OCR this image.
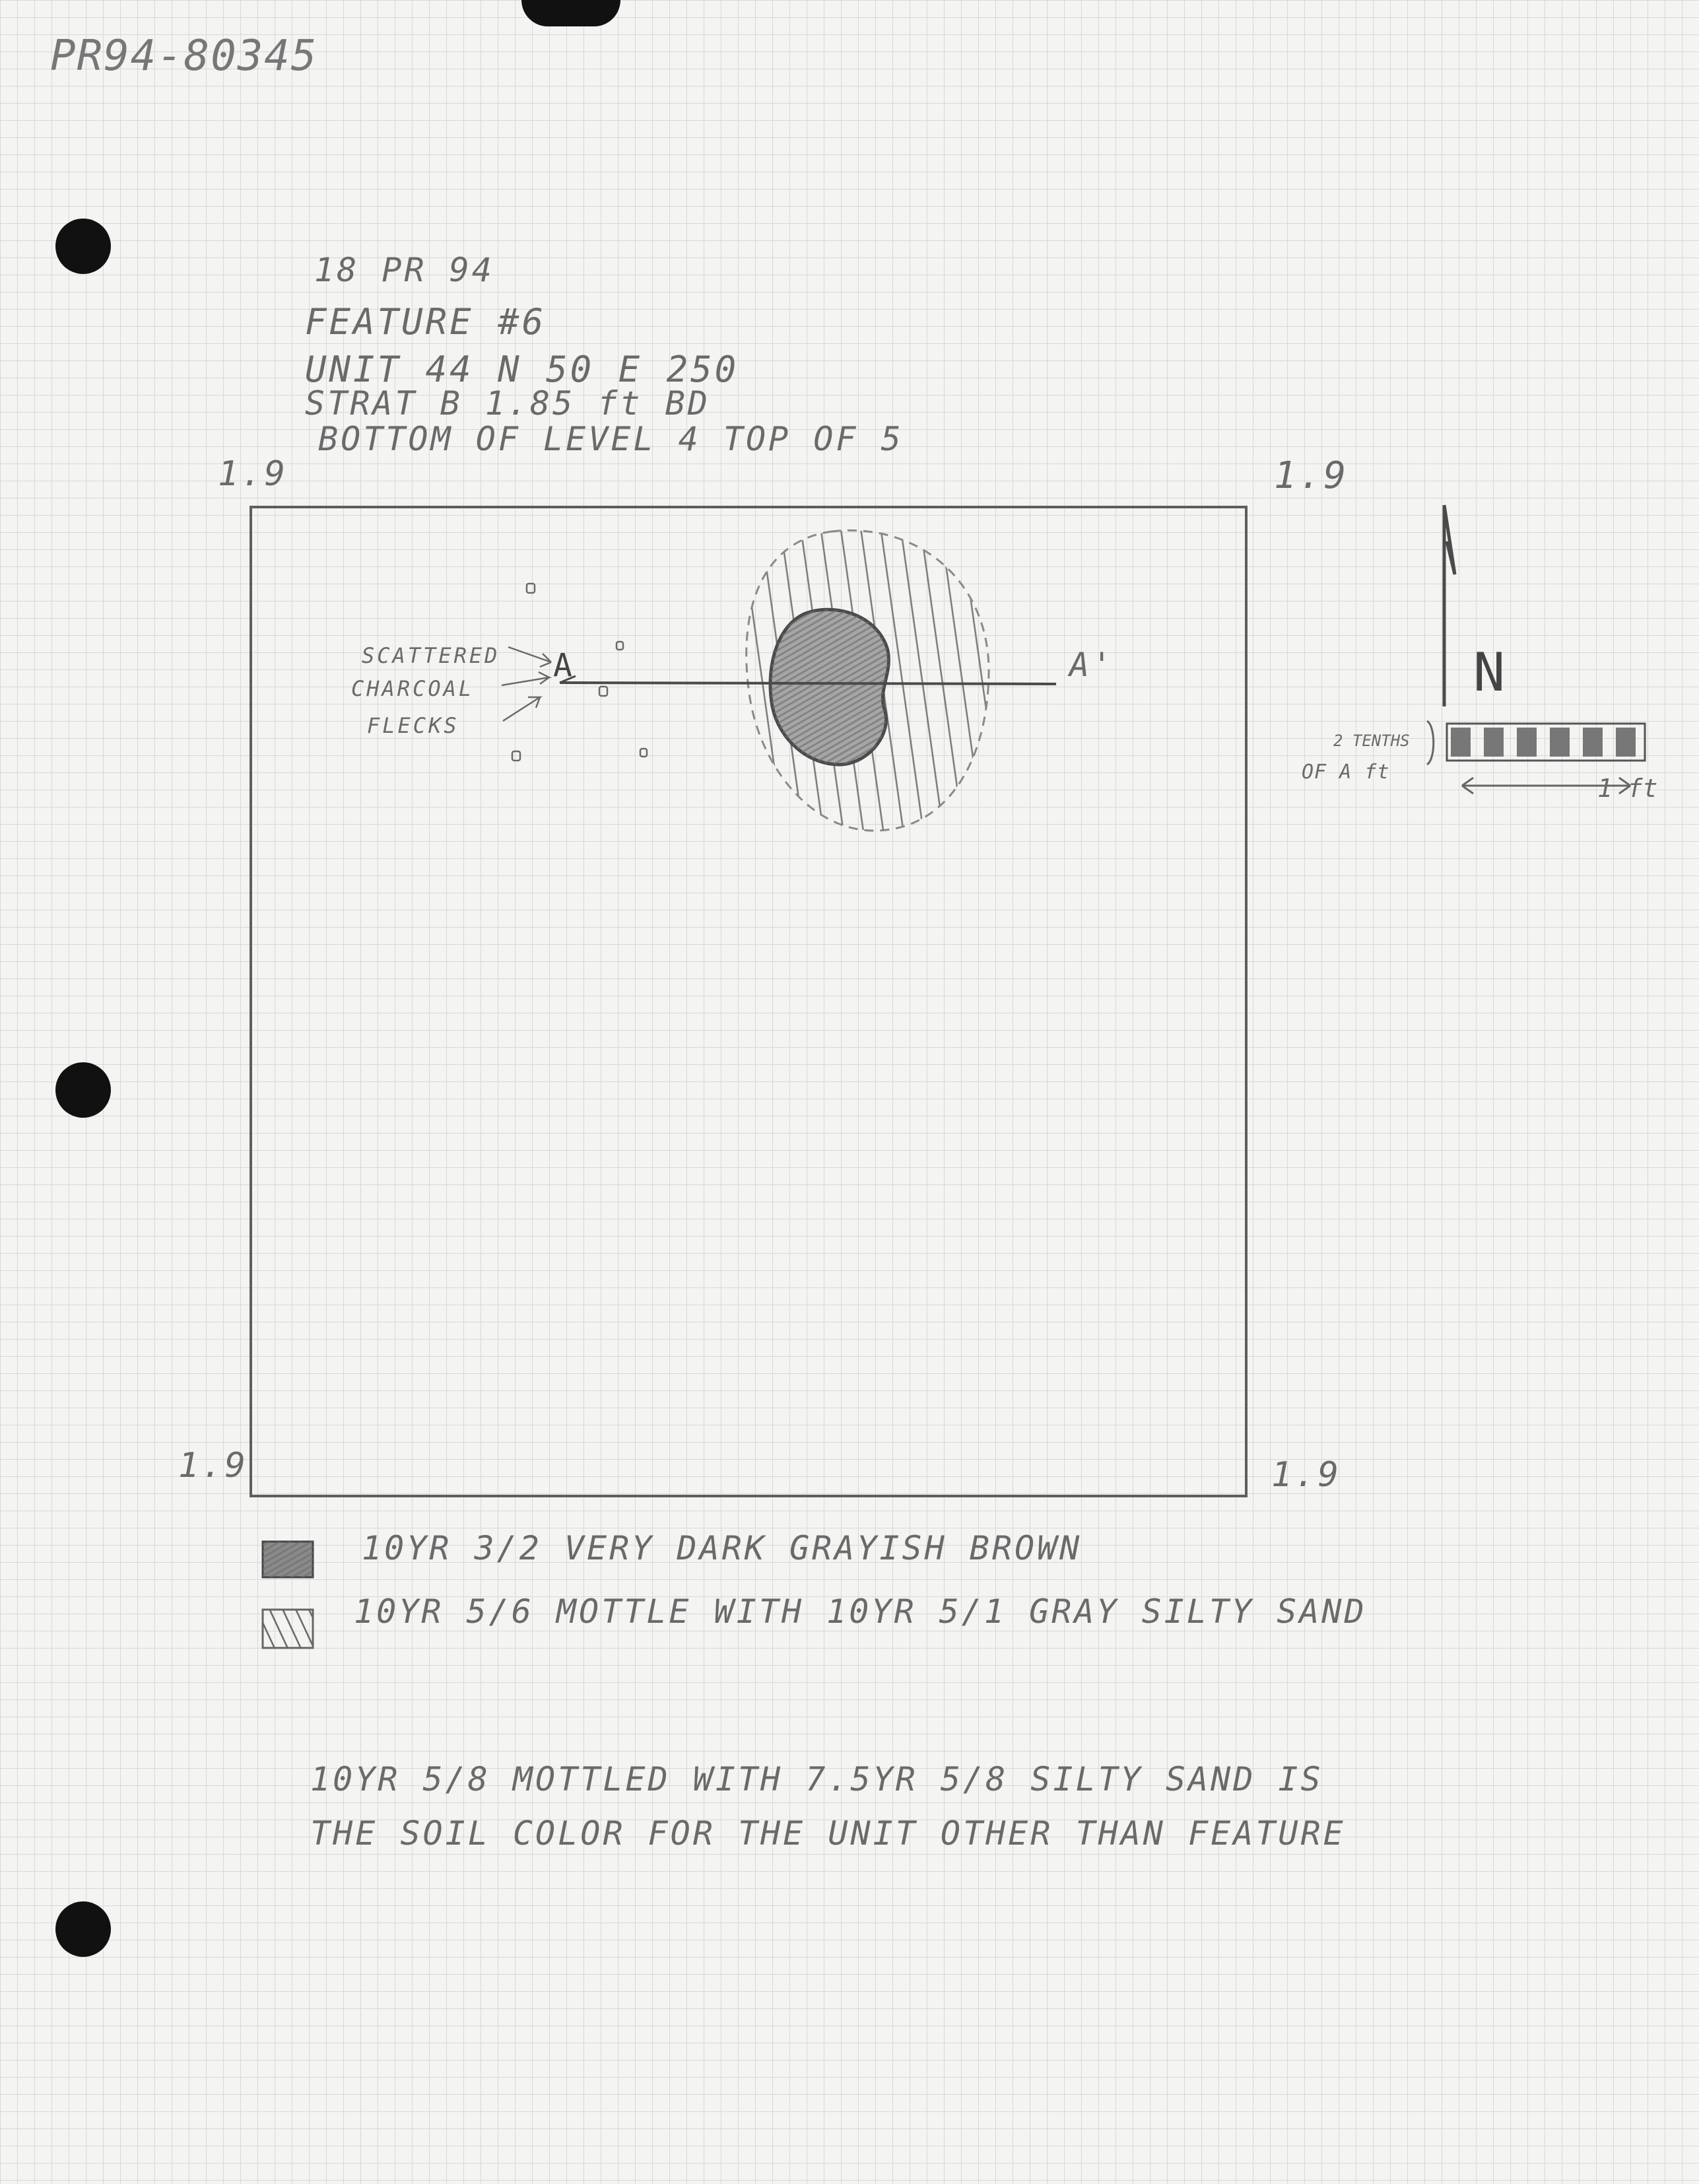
PR94-80345
18 PR 94
FEATURE #6
UNIT 44 N 50 E 250
STRAT B 1.85 ft BD
BOTTOM OF LEVEL 4 TOP OF 5
1.9	1.9
1.9	1.9
SCATTERED
CHARCOAL
FLECKS
A	A'	N
2 TENTHS
OF A ft
1 ft
10YR 3/2 VERY DARK GRAYISH BROWN
10YR 5/6 MOTTLE WITH 10YR 5/1 GRAY SILTY SAND
10YR 5/8 MOTTLED WITH 7.5YR 5/8 SILTY SAND IS
THE SOIL COLOR FOR THE UNIT OTHER THAN FEATURE
